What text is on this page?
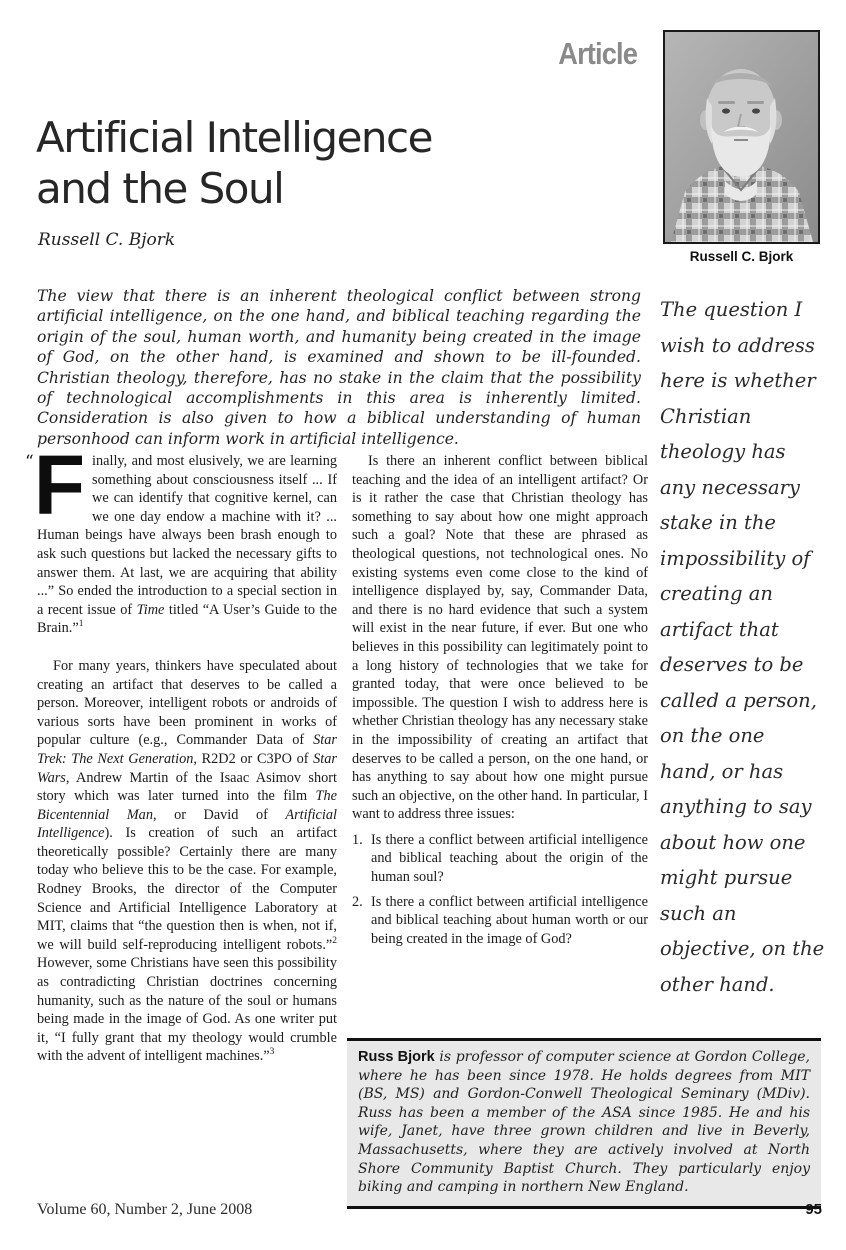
Article
Russell C. Bjork
Artificial Intelligence
and the Soul
Russell C. Bjork
The view that there is an inherent theological conflict between strong artificial intelligence, on the one hand, and biblical teaching regarding the origin of the soul, human worth, and humanity being created in the image of God, on the other hand, is examined and shown to be ill-founded. Christian theology, therefore, has no stake in the claim that the possibility of technological accomplishments in this area is inherently limited. Consideration is also given to how a biblical understanding of human personhood can inform work in artificial intelligence.
The question I wish to address here is whether Christian theology has any necessary stake in the impossibility of creating an artifact that deserves to be called a person, on the one hand, or has anything to say about how one might pursue such an objective, on the other hand.

“F inally, and most elusively, we are learning something about consciousness itself ... If we can identify that cognitive kernel, can we one day endow a machine with it? ... Human beings have always been brash enough to ask such questions but lacked the necessary gifts to answer them. At last, we are acquiring that ability ...” So ended the introduction to a special section in a recent issue of Time titled “A User’s Guide to the Brain.”$^1$

For many years, thinkers have speculated about creating an artifact that deserves to be called a person. Moreover, intelligent robots or androids of various sorts have been prominent in works of popular culture (e.g., Commander Data of Star Trek: The Next Generation, R2D2 or C3PO of Star Wars, Andrew Martin of the Isaac Asimov short story which was later turned into the film The Bicentennial Man, or David of Artificial Intelligence). Is creation of such an artifact theoretically possible? Certainly there are many today who believe this to be the case. For example, Rodney Brooks, the director of the Computer Science and Artificial Intelligence Laboratory at MIT, claims that “the question then is when, not if, we will build self-reproducing intelligent robots.”$^2$ However, some Christians have seen this possibility as contradicting Christian doctrines concerning humanity, such as the nature of the soul or humans being made in the image of God. As one writer put it, “I fully grant that my theology would crumble with the advent of intelligent machines.”$^3$

Is there an inherent conflict between biblical teaching and the idea of an intelligent artifact? Or is it rather the case that Christian theology has something to say about how one might approach such a goal? Note that these are phrased as theological questions, not technological ones. No existing systems even come close to the kind of intelligence displayed by, say, Commander Data, and there is no hard evidence that such a system will exist in the near future, if ever. But one who believes in this possibility can legitimately point to a long history of technologies that we take for granted today, that were once believed to be impossible. The question I wish to address here is whether Christian theology has any necessary stake in the impossibility of creating an artifact that deserves to be called a person, on the one hand, or has anything to say about how one might pursue such an objective, on the other hand. In particular, I want to address three issues:

1. Is there a conflict between artificial intelligence and biblical teaching about the origin of the human soul?
2. Is there a conflict between artificial intelligence and biblical teaching about human worth or our being created in the image of God?
Russ Bjork is professor of computer science at Gordon College, where he has been since 1978. He holds degrees from MIT (BS, MS) and Gordon-Conwell Theological Seminary (MDiv). Russ has been a member of the ASA since 1985. He and his wife, Janet, have three grown children and live in Beverly, Massachusetts, where they are actively involved at North Shore Community Baptist Church. They particularly enjoy biking and camping in northern New England.
Volume 60, Number 2, June 2008	95
